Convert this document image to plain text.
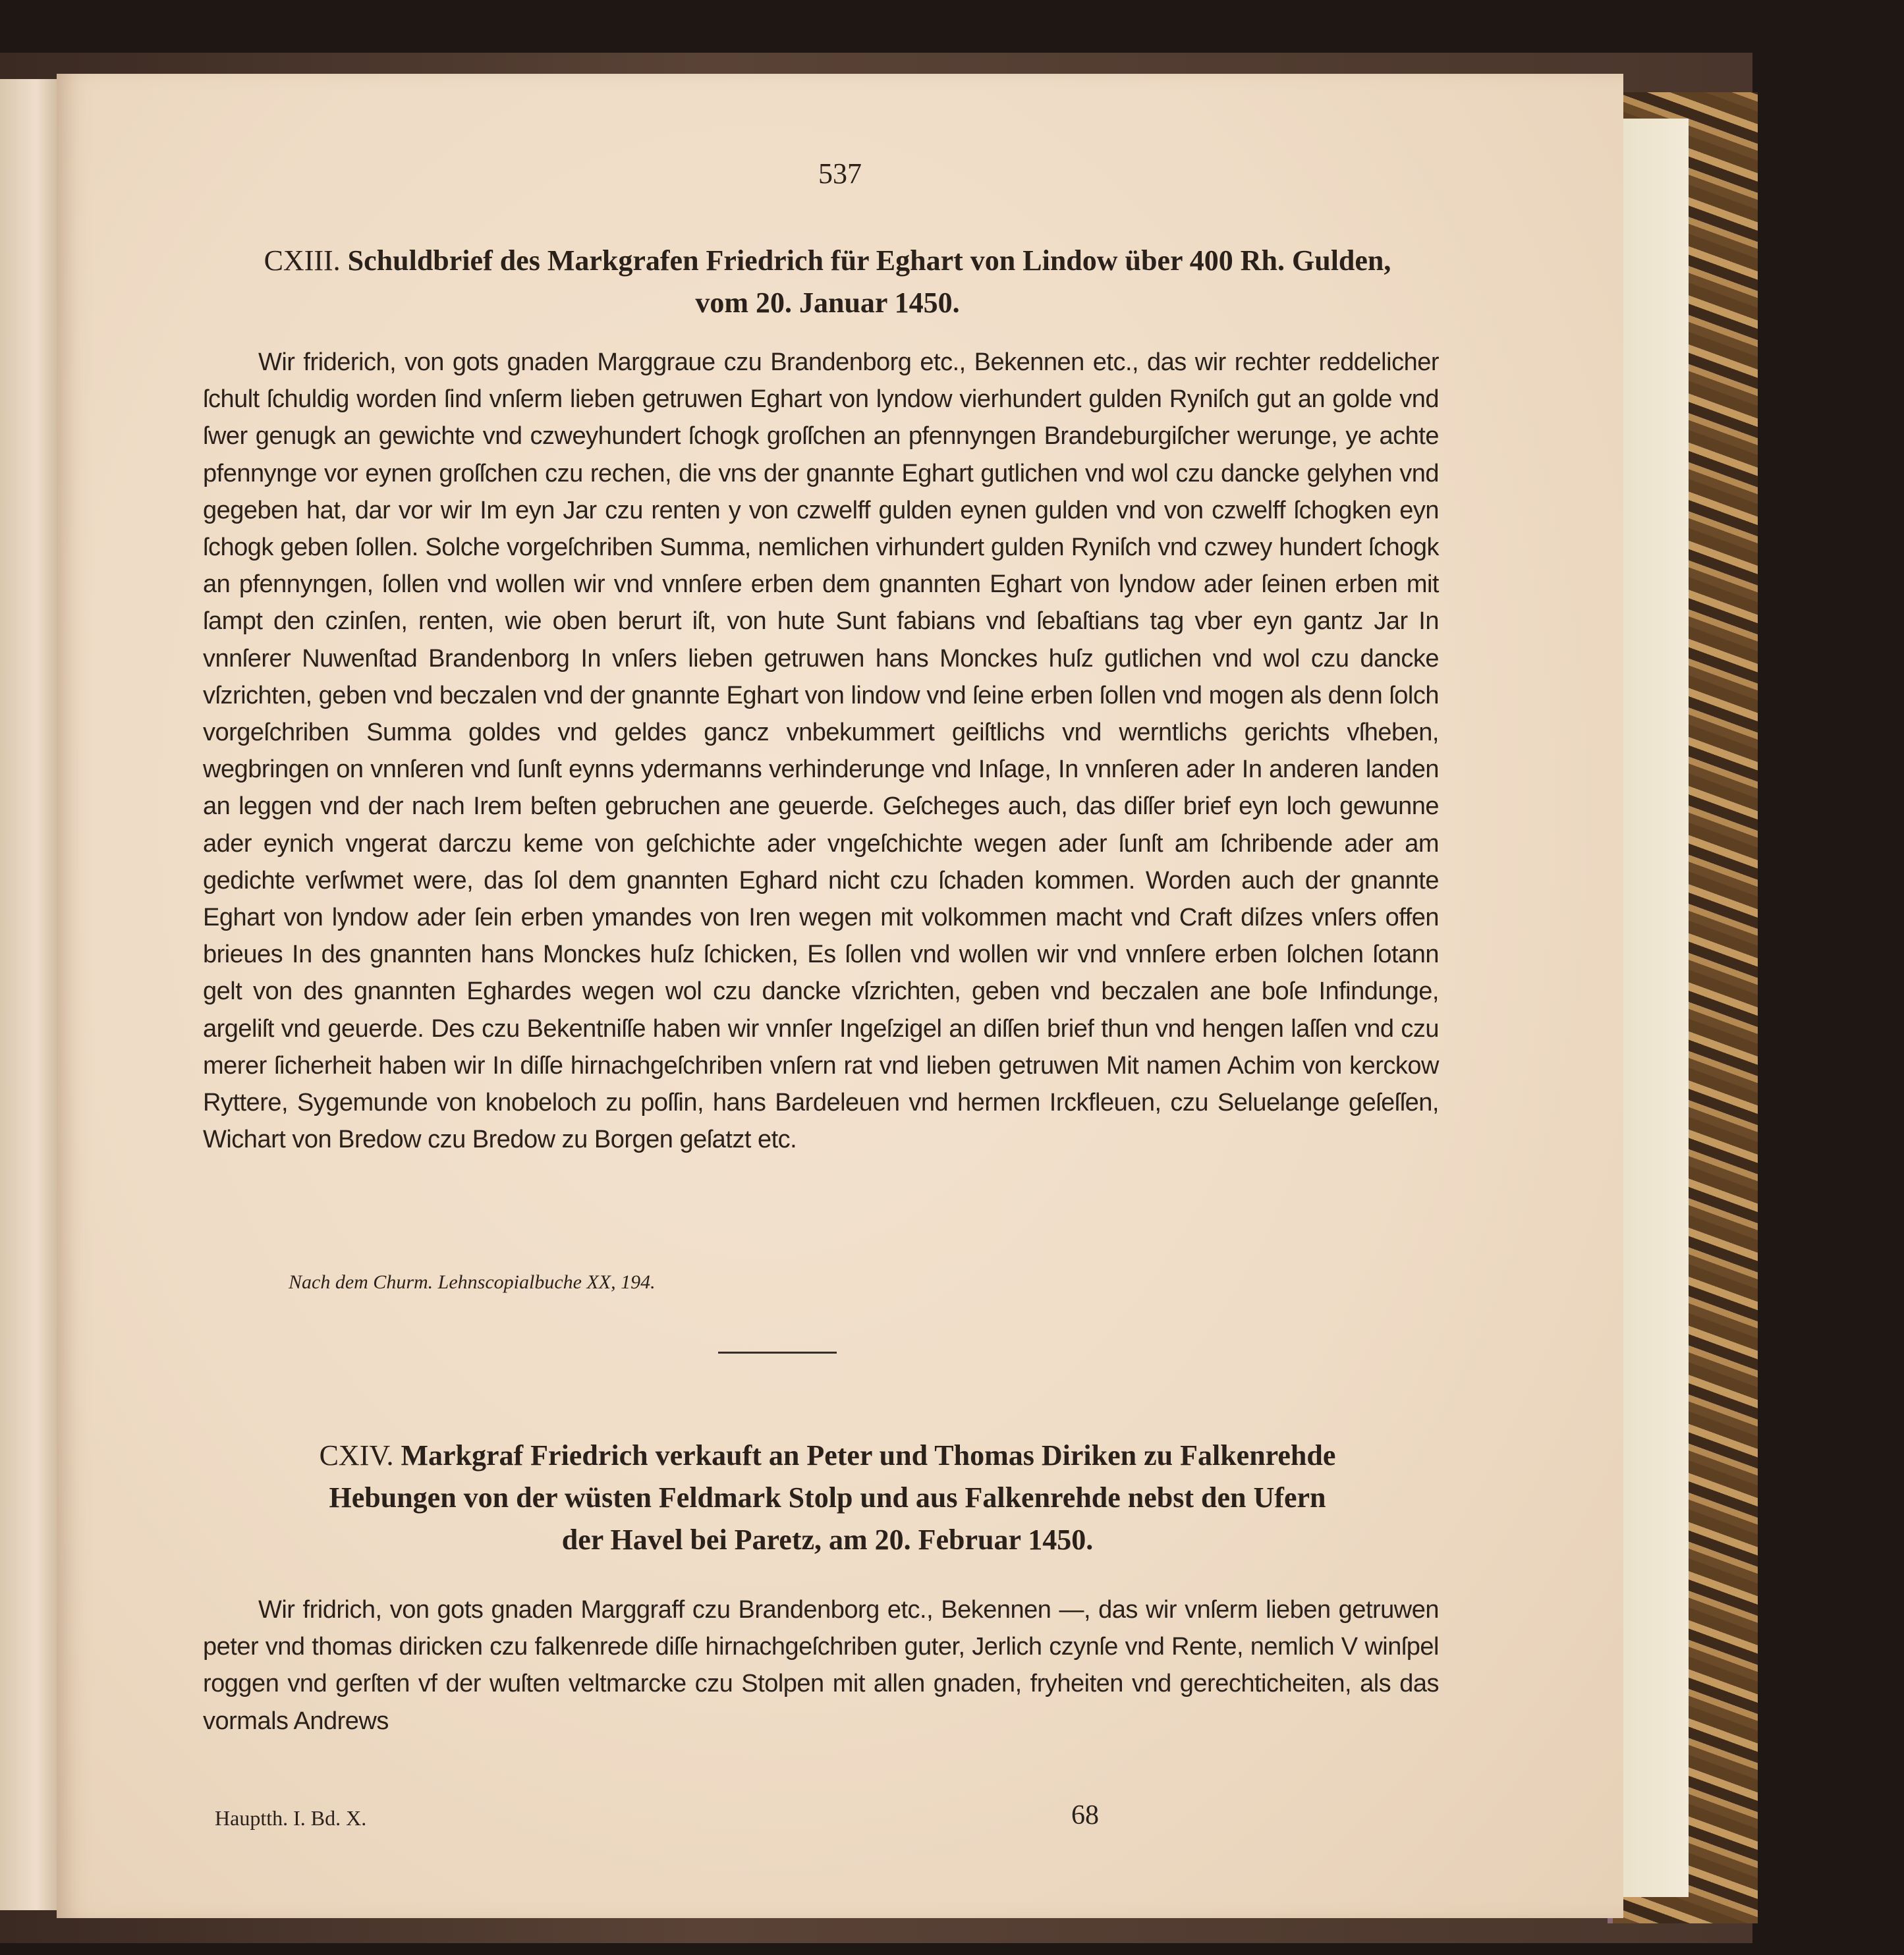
537
CXIII. Schuldbrief des Markgrafen Friedrich für Eghart von Lindow über 400 Rh. Gulden,
vom 20. Januar 1450.
Wir friderich, von gots gnaden Marggraue czu Brandenborg etc., Bekennen etc., das wir rechter reddelicher ſchult ſchuldig worden ſind vnſerm lieben getruwen Eghart von lyndow vierhundert gulden Ryniſch gut an golde vnd ſwer genugk an gewichte vnd czweyhundert ſchogk groſſchen an pfennyngen Brandeburgiſcher werunge, ye achte pfennynge vor eynen groſſchen czu rechen, die vns der gnannte Eghart gutlichen vnd wol czu dancke gelyhen vnd gegeben hat, dar vor wir Im eyn Jar czu renten y von czwelff gulden eynen gulden vnd von czwelff ſchogken eyn ſchogk geben ſollen. Solche vorgeſchriben Summa, nemlichen virhundert gulden Ryniſch vnd czwey hundert ſchogk an pfennyngen, ſollen vnd wollen wir vnd vnnſere erben dem gnannten Eghart von lyndow ader ſeinen erben mit ſampt den czinſen, renten, wie oben berurt iſt, von hute Sunt fabians vnd ſebaſtians tag vber eyn gantz Jar In vnnſerer Nuwenſtad Brandenborg In vnſers lieben getruwen hans Monckes huſz gutlichen vnd wol czu dancke vſzrichten, geben vnd beczalen vnd der gnannte Eghart von lindow vnd ſeine erben ſollen vnd mogen als denn ſolch vorgeſchriben Summa goldes vnd geldes gancz vnbekummert geiſtlichs vnd werntlichs gerichts vſheben, wegbringen on vnnſeren vnd ſunſt eynns ydermanns verhinderunge vnd Inſage, In vnnſeren ader In anderen landen an leggen vnd der nach Irem beſten gebruchen ane geuerde. Geſcheges auch, das diſſer brief eyn loch gewunne ader eynich vngerat darczu keme von geſchichte ader vngeſchichte wegen ader ſunſt am ſchribende ader am gedichte verſwmet were, das ſol dem gnannten Eghard nicht czu ſchaden kommen. Worden auch der gnannte Eghart von lyndow ader ſein erben ymandes von Iren wegen mit volkommen macht vnd Craft diſzes vnſers offen brieues In des gnannten hans Monckes huſz ſchicken, Es ſollen vnd wollen wir vnd vnnſere erben ſolchen ſotann gelt von des gnannten Eghardes wegen wol czu dancke vſzrichten, geben vnd beczalen ane boſe Infindunge, argeliſt vnd geuerde. Des czu Bekentniſſe haben wir vnnſer Ingeſzigel an diſſen brief thun vnd hengen laſſen vnd czu merer ſicherheit haben wir In diſſe hirnachgeſchriben vnſern rat vnd lieben getruwen Mit namen Achim von kerckow Ryttere, Sygemunde von knobeloch zu poſſin, hans Bardeleuen vnd hermen Irckfleuen, czu Seluelange geſeſſen, Wichart von Bredow czu Bredow zu Borgen geſatzt etc.
Nach dem Churm. Lehnscopialbuche XX, 194.
CXIV. Markgraf Friedrich verkauft an Peter und Thomas Diriken zu Falkenrehde
Hebungen von der wüsten Feldmark Stolp und aus Falkenrehde nebst den Ufern
der Havel bei Paretz, am 20. Februar 1450.
Wir fridrich, von gots gnaden Marggraff czu Brandenborg etc., Bekennen —, das wir vnſerm lieben getruwen peter vnd thomas diricken czu falkenrede diſſe hirnachgeſchriben guter, Jerlich czynſe vnd Rente, nemlich V winſpel roggen vnd gerſten vf der wuſten veltmarcke czu Stolpen mit allen gnaden, fryheiten vnd gerechticheiten, als das vormals Andrews
Hauptth. I. Bd. X.	68
